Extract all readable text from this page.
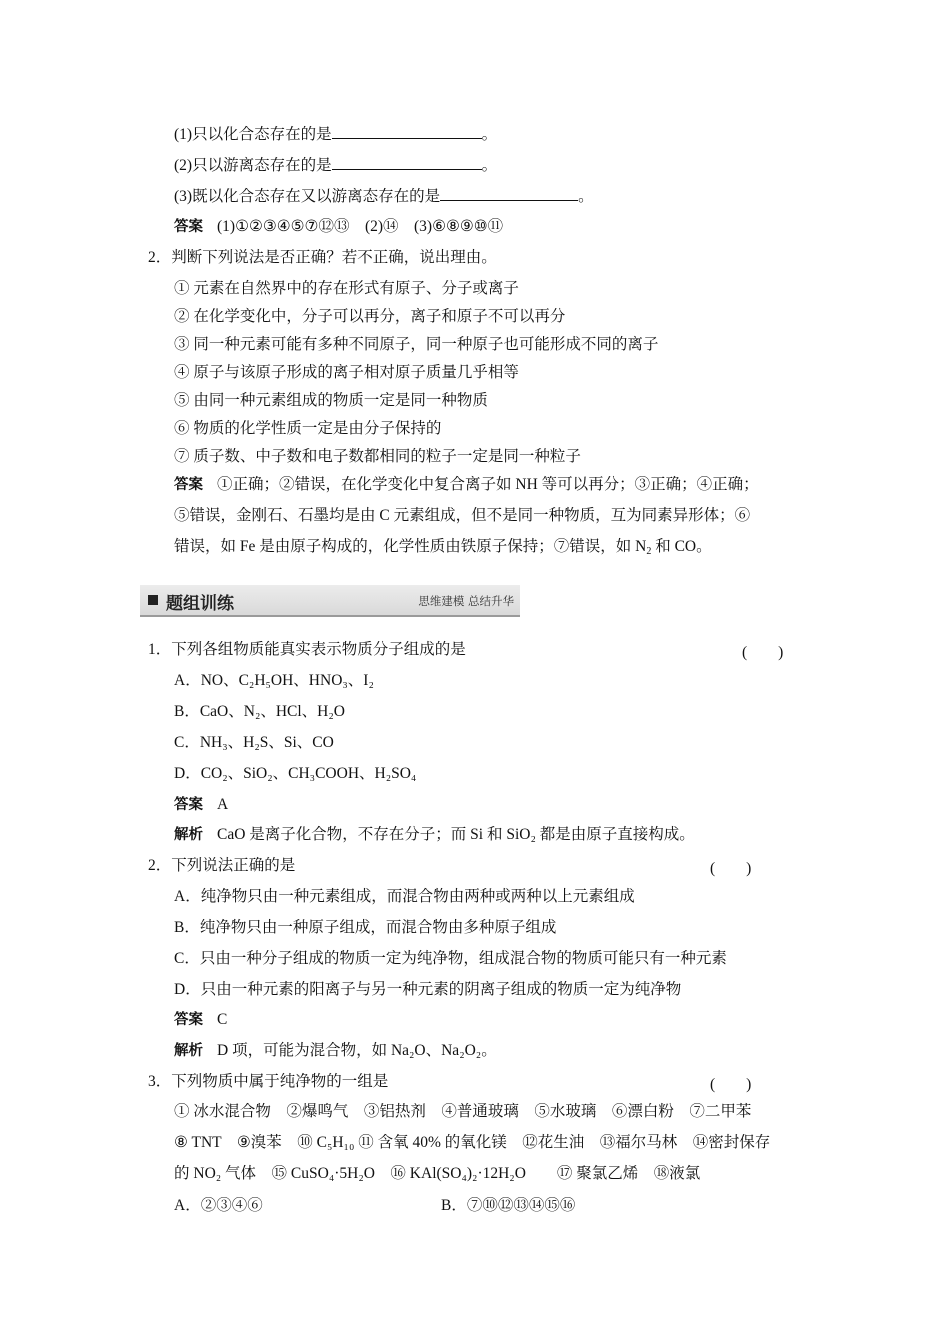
(1)只以化合态存在的是	。
(2)只以游离态存在的是	。
(3)既以化合态存在又以游离态存在的是	。
答案 (1)①②③④⑤⑦⑫⑬　(2)⑭　(3)⑥⑧⑨⑩⑪
2．判断下列说法是否正确？若不正确，说出理由。
① 元素在自然界中的存在形式有原子、分子或离子
② 在化学变化中，分子可以再分，离子和原子不可以再分
③ 同一种元素可能有多种不同原子，同一种原子也可能形成不同的离子
④ 原子与该原子形成的离子相对原子质量几乎相等
⑤ 由同一种元素组成的物质一定是同一种物质
⑥ 物质的化学性质一定是由分子保持的
⑦ 质子数、中子数和电子数都相同的粒子一定是同一种粒子
答案 ①正确；②错误，在化学变化中复合离子如 NH 等可以再分；③正确；④正确；
⑤错误，金刚石、石墨均是由 C 元素组成，但不是同一种物质，互为同素异形体；⑥
错误，如 Fe 是由原子构成的，化学性质由铁原子保持；⑦错误，如 $N_2$ 和 CO。
题组训练	思维建模 总结升华
1．下列各组物质能真实表示物质分子组成的是	(　　)
A．NO、C₂H₅OH、HNO₃、I₂
B．CaO、N₂、HCl、H₂O
C．NH₃、H₂S、Si、CO
D．CO₂、SiO₂、CH₃COOH、H₂SO₄
答案 A
解析 CaO 是离子化合物，不存在分子；而 Si 和 SiO₂ 都是由原子直接构成。
2．下列说法正确的是	(　　)
A．纯净物只由一种元素组成，而混合物由两种或两种以上元素组成
B．纯净物只由一种原子组成，而混合物由多种原子组成
C．只由一种分子组成的物质一定为纯净物，组成混合物的物质可能只有一种元素
D．只由一种元素的阳离子与另一种元素的阴离子组成的物质一定为纯净物
答案 C
解析 D 项，可能为混合物，如 Na₂O、Na₂O₂。
3．下列物质中属于纯净物的一组是	(　　)
① 冰水混合物　②爆鸣气　③铝热剂　④普通玻璃　⑤水玻璃　⑥漂白粉　⑦二甲苯
⑧ TNT　⑨溴苯　⑩ C₅H₁₀ ⑪ 含氧 40% 的氧化镁　⑫花生油　⑬福尔马林　⑭密封保存
的 NO₂ 气体　⑮ CuSO₄·5H₂O　⑯ KAl(SO₄)₂·12H₂O　　⑰ 聚氯乙烯　⑱液氯
A．②③④⑥	B．⑦⑩⑫⑬⑭⑮⑯
